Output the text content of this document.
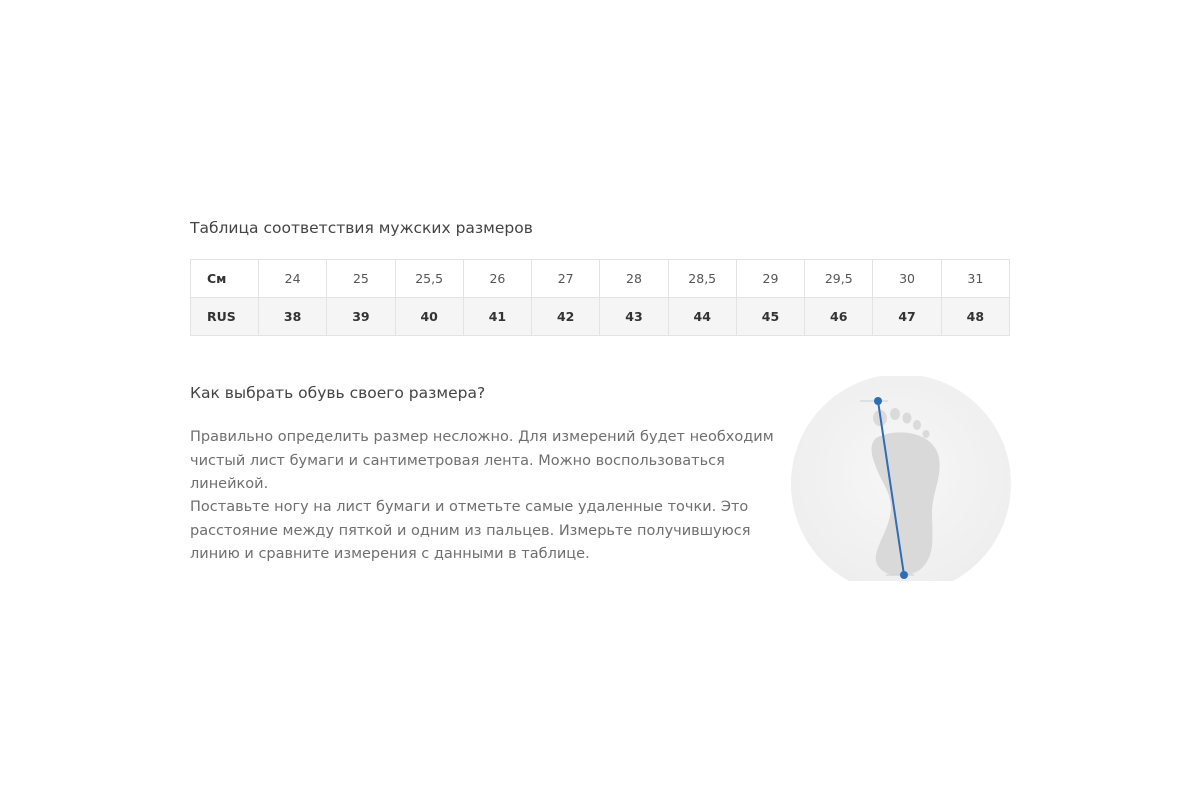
Таблица соответствия мужских размеров
См	24	25	25,5	26	27	28	28,5	29	29,5	30	31
RUS	38	39	40	41	42	43	44	45	46	47	48
Как выбрать обувь своего размера?

Правильно определить размер несложно. Для измерений будет необходим чистый лист бумаги и сантиметровая лента. Можно воспользоваться линейкой.

Поставьте ногу на лист бумаги и отметьте самые удаленные точки. Это расстояние между пяткой и одним из пальцев. Измерьте получившуюся линию и сравните измерения с данными в таблице.
